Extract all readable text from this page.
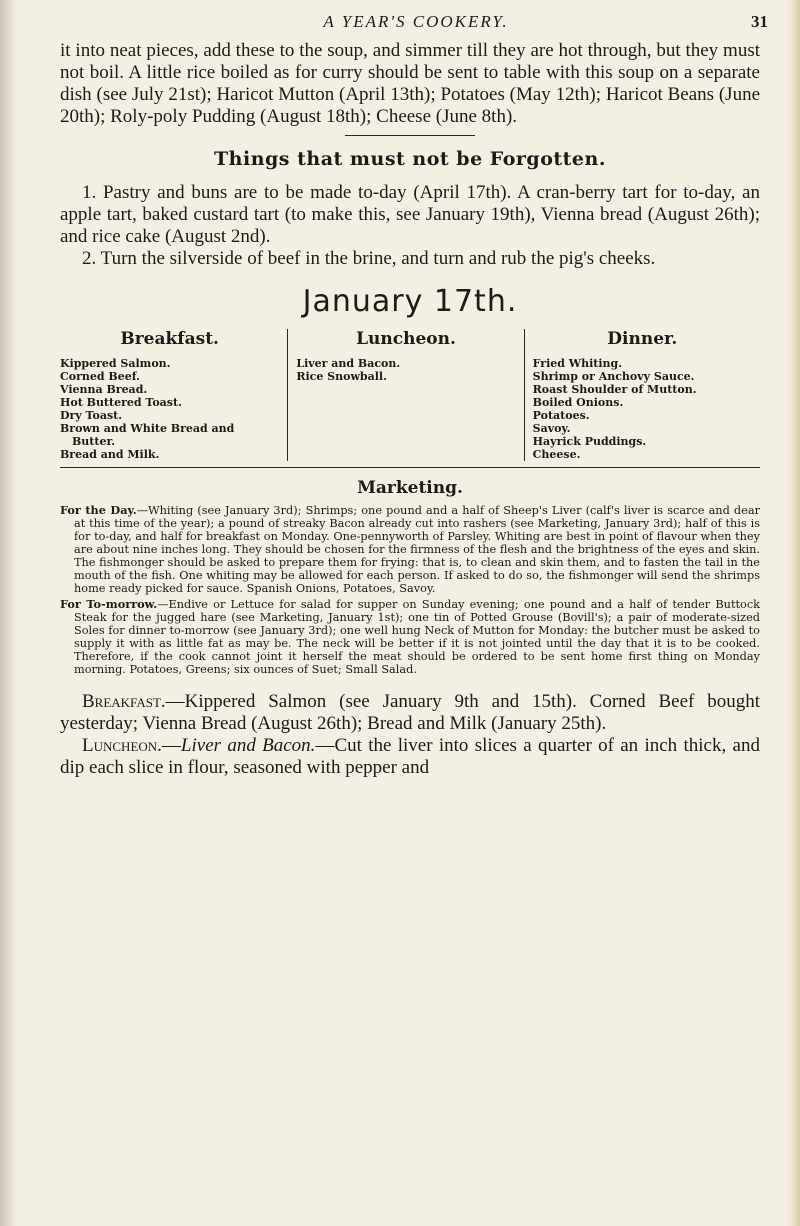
A YEAR'S COOKERY.	31

it into neat pieces, add these to the soup, and simmer till they are hot through, but they must not boil. A little rice boiled as for curry should be sent to table with this soup on a separate dish (see July 21st); Haricot Mutton (April 13th); Potatoes (May 12th); Haricot Beans (June 20th); Roly-poly Pudding (August 18th); Cheese (June 8th).

Things that must not be Forgotten.

1. Pastry and buns are to be made to-day (April 17th). A cran-berry tart for to-day, an apple tart, baked custard tart (to make this, see January 19th), Vienna bread (August 26th); and rice cake (August 2nd).

2. Turn the silverside of beef in the brine, and turn and rub the pig's cheeks.

January 17th.
Breakfast.

Kippered Salmon.

Corned Beef.

Vienna Bread.

Hot Buttered Toast.

Dry Toast.

Brown and White Bread and Butter.

Bread and Milk.

Luncheon.

Liver and Bacon.

Rice Snowball.

Dinner.

Fried Whiting.

Shrimp or Anchovy Sauce.

Roast Shoulder of Mutton.

Boiled Onions.

Potatoes.

Savoy.

Hayrick Puddings.

Cheese.

Marketing.

For the Day.—Whiting (see January 3rd); Shrimps; one pound and a half of Sheep's Liver (calf's liver is scarce and dear at this time of the year); a pound of streaky Bacon already cut into rashers (see Marketing, January 3rd); half of this is for to-day, and half for breakfast on Monday. One-pennyworth of Parsley. Whiting are best in point of flavour when they are about nine inches long. They should be chosen for the firmness of the flesh and the brightness of the eyes and skin. The fishmonger should be asked to prepare them for frying: that is, to clean and skin them, and to fasten the tail in the mouth of the fish. One whiting may be allowed for each person. If asked to do so, the fishmonger will send the shrimps home ready picked for sauce. Spanish Onions, Potatoes, Savoy.

For To-morrow.—Endive or Lettuce for salad for supper on Sunday evening; one pound and a half of tender Buttock Steak for the jugged hare (see Marketing, January 1st); one tin of Potted Grouse (Bovill's); a pair of moderate-sized Soles for dinner to-morrow (see January 3rd); one well hung Neck of Mutton for Monday: the butcher must be asked to supply it with as little fat as may be. The neck will be better if it is not jointed until the day that it is to be cooked. Therefore, if the cook cannot joint it herself the meat should be ordered to be sent home first thing on Monday morning. Potatoes, Greens; six ounces of Suet; Small Salad.

Breakfast.—Kippered Salmon (see January 9th and 15th). Corned Beef bought yesterday; Vienna Bread (August 26th); Bread and Milk (January 25th).

Luncheon.—Liver and Bacon.—Cut the liver into slices a quarter of an inch thick, and dip each slice in flour, seasoned with pepper and
